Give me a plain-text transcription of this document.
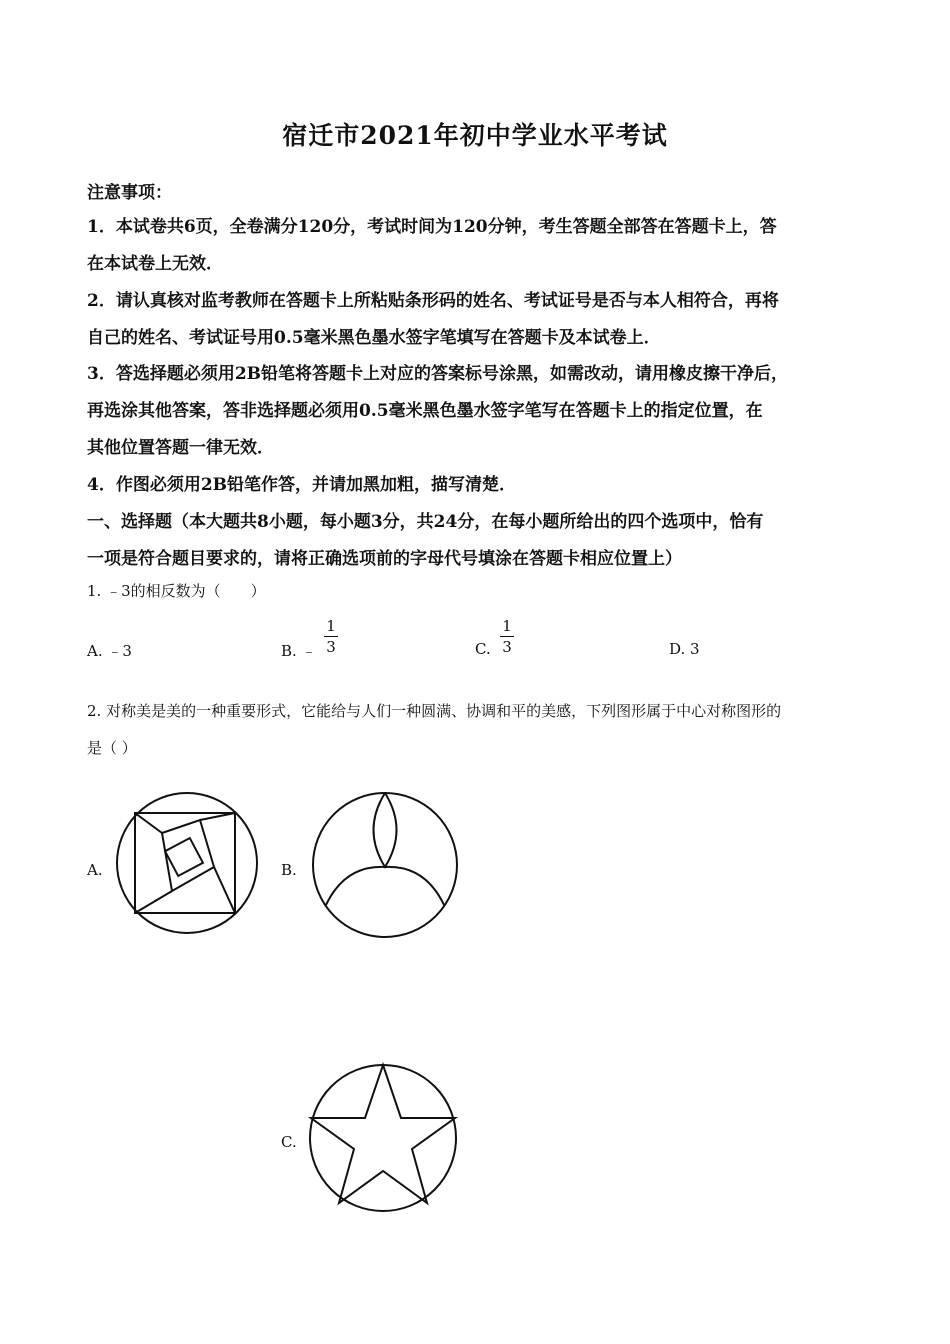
宿迁市2021年初中学业水平考试
注意事项：
1．本试卷共6页，全卷满分120分，考试时间为120分钟，考生答题全部答在答题卡上，答
在本试卷上无效．
2．请认真核对监考教师在答题卡上所粘贴条形码的姓名、考试证号是否与本人相符合，再将
自己的姓名、考试证号用0.5毫米黑色墨水签字笔填写在答题卡及本试卷上．
3．答选择题必须用2B铅笔将答题卡上对应的答案标号涂黑，如需改动，请用橡皮擦干净后，
再选涂其他答案，答非选择题必须用0.5毫米黑色墨水签字笔写在答题卡上的指定位置，在
其他位置答题一律无效．
4．作图必须用2B铅笔作答，并请加黑加粗，描写清楚．
一、选择题（本大题共8小题，每小题3分，共24分，在每小题所给出的四个选项中，恰有
一项是符合题目要求的，请将正确选项前的字母代号填涂在答题卡相应位置上）
1. ﹣3的相反数为（　　）
A. ﹣3	B. ﹣
1
3	C.
1
3	D. 3
2. 对称美是美的一种重要形式，它能给与人们一种圆满、协调和平的美感，下列图形属于中心对称图形的
是（ ）
A.	B.
C.
